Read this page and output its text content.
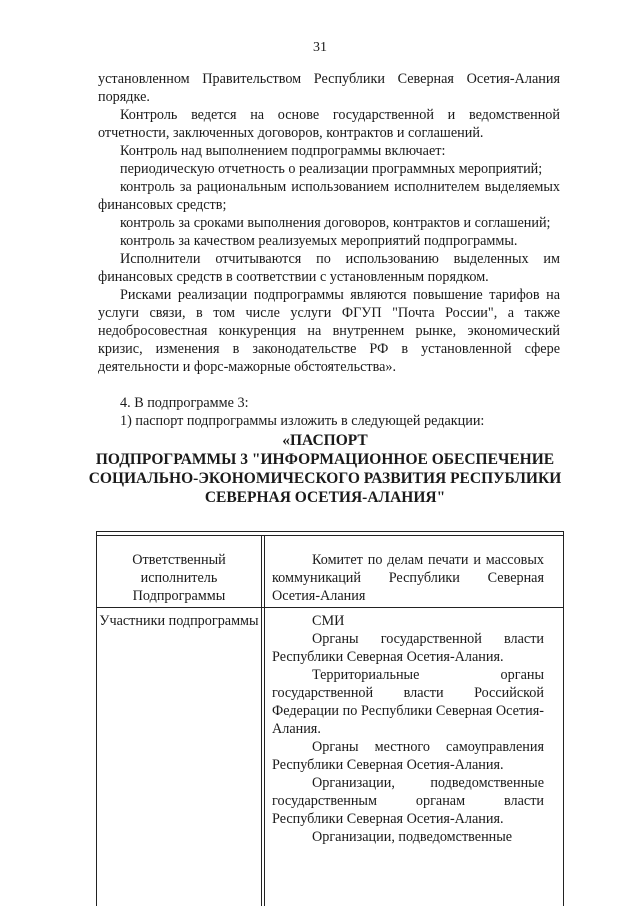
31

установленном Правительством Республики Северная Осетия-Алания порядке.

Контроль ведется на основе государственной и ведомственной отчетности, заключенных договоров, контрактов и соглашений.

Контроль над выполнением подпрограммы включает:

периодическую отчетность о реализации программных мероприятий;

контроль за рациональным использованием исполнителем выделяемых финансовых средств;

контроль за сроками выполнения договоров, контрактов и соглашений;

контроль за качеством реализуемых мероприятий подпрограммы.

Исполнители отчитываются по использованию выделенных им финансовых средств в соответствии с установленным порядком.

Рисками реализации подпрограммы являются повышение тарифов на услуги связи, в том числе услуги ФГУП "Почта России", а также недобросовестная конкуренция на внутреннем рынке, экономический кризис, изменения в законодательстве РФ в установленной сфере деятельности и форс-мажорные обстоятельства».

4. В подпрограмме 3:

1) паспорт подпрограммы изложить в следующей редакции:

«ПАСПОРТ
ПОДПРОГРАММЫ 3 "ИНФОРМАЦИОННОЕ ОБЕСПЕЧЕНИЕ
СОЦИАЛЬНО-ЭКОНОМИЧЕСКОГО РАЗВИТИЯ РЕСПУБЛИКИ
СЕВЕРНАЯ ОСЕТИЯ-АЛАНИЯ"
Ответственный исполнитель Подпрограммы

Комитет по делам печати и массовых коммуникаций Республики Северная Осетия-Алания

Участники подпрограммы	СМИ

Органы государственной власти Республики Северная Осетия-Алания.

Территориальные органы государственной власти Российской Федерации по Республики Северная Осетия-Алания.

Органы местного самоуправления Республики Северная Осетия-Алания.

Организации, подведомственные государственным органам власти Республики Северная Осетия-Алания.

Организации, подведомственные
